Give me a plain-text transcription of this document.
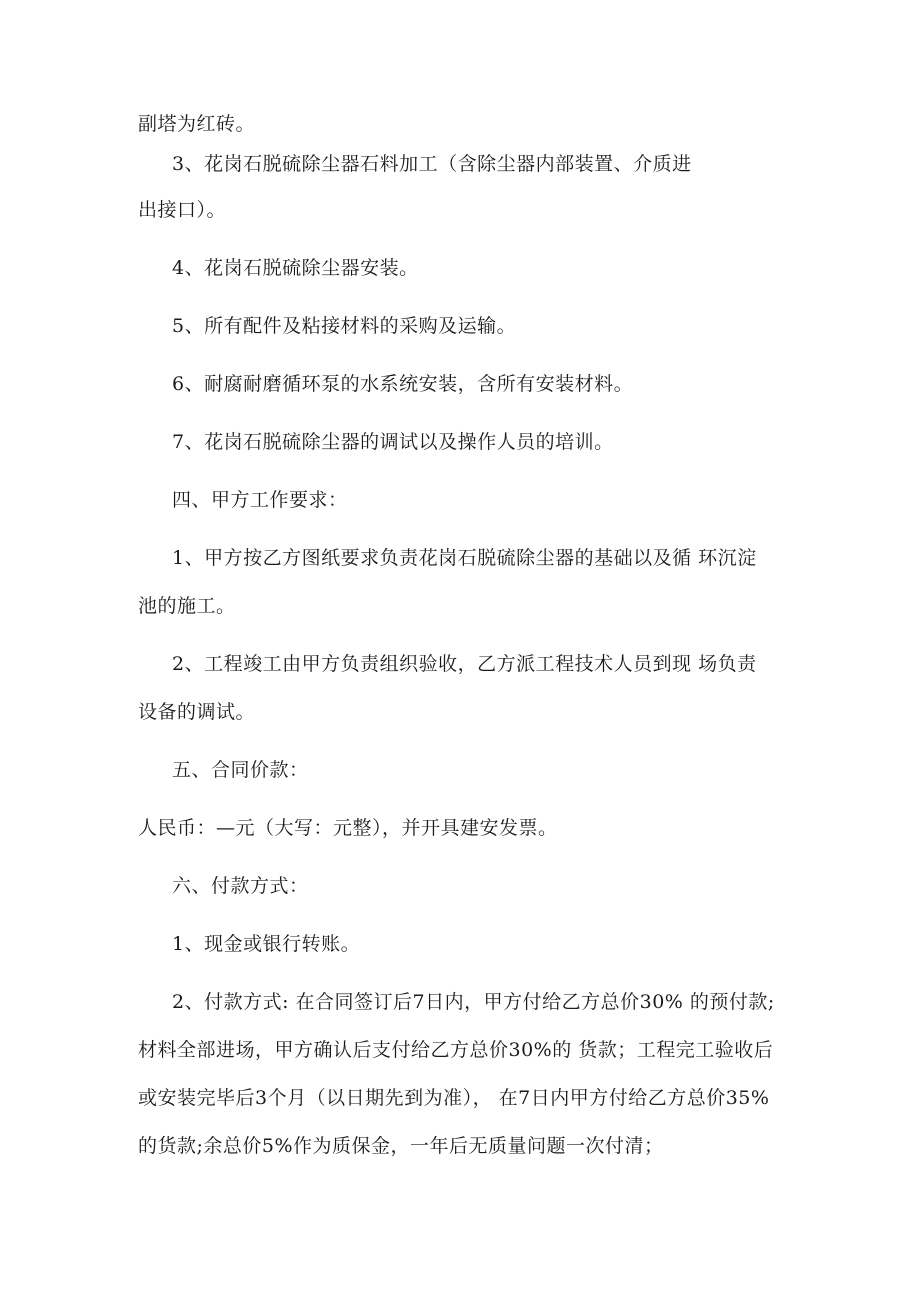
副塔为红砖。
3、花岗石脱硫除尘器石料加工（含除尘器内部装置、介质进
出接口）。
4、花岗石脱硫除尘器安装。
5、所有配件及粘接材料的采购及运输。
6、耐腐耐磨循环泵的水系统安装，含所有安装材料。
7、花岗石脱硫除尘器的调试以及操作人员的培训。
四、甲方工作要求：
1、甲方按乙方图纸要求负责花岗石脱硫除尘器的基础以及循 环沉淀
池的施工。
2、工程竣工由甲方负责组织验收，乙方派工程技术人员到现 场负责
设备的调试。
五、合同价款：
人民币：—元（大写：元整），并开具建安发票。
六、付款方式：
1、现金或银行转账。
2、付款方式: 在合同签订后7日内，甲方付给乙方总价30% 的预付款;
材料全部进场，甲方确认后支付给乙方总价30%的 货款；工程完工验收后
或安装完毕后3个月（以日期先到为准）， 在7日内甲方付给乙方总价35%
的货款;余总价5%作为质保金，一年后无质量问题一次付清；
